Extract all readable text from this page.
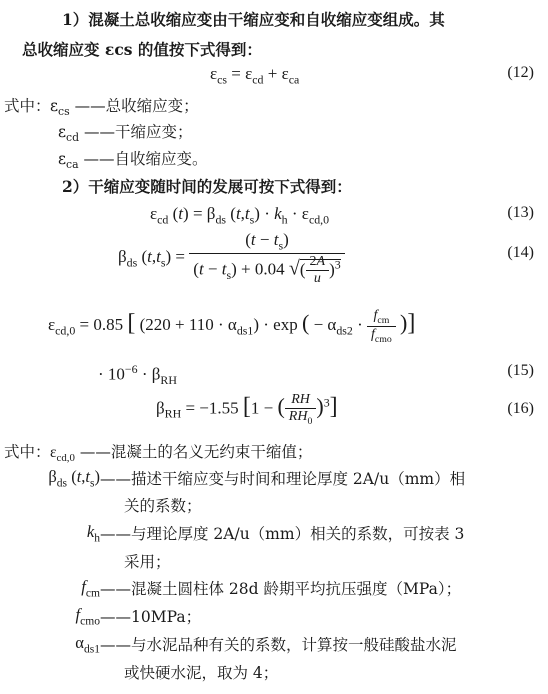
1）混凝土总收缩应变由干缩应变和自收缩应变组成。其
总收缩应变 εcs 的值按下式得到：
$\varepsilon_{cs} = \varepsilon_{cd} + \varepsilon_{ca}$	(12)
式中： $\varepsilon_{cs}$ ——总收缩应变；
$\varepsilon_{cd}$ ——干缩应变；
$\varepsilon_{ca}$ ——自收缩应变。
2）干缩应变随时间的发展可按下式得到：
$\varepsilon_{cd}$ $(t) = \beta_{ds}$ $(t,t_s) \cdot k_h \cdot \varepsilon_{cd,0}$	(13)
$\beta_{ds}$ $(t,t_s) = \frac{(t - t_s)}{(t - t_s) + 0.04 √( \frac{2A}{u} )^3}$	(14)
$\varepsilon_{cd,0} = 0.85$ [ $(220 + 110 \cdot \alpha_{ds1}) \cdot \exp$ ( − $\alpha_{ds2} \cdot \frac{f_{cm}}{f_{cmo}}$ )]
· $10^{-6} \cdot \beta_{RH}$
(15)
$\beta_{RH} = -1.55$ [1 − ( $\frac{RH}{RH_0} )^3$]	(16)
式中： $\varepsilon_{cd,0}$ ——混凝土的名义无约束干缩值；
$\beta_{ds}$ $(t,t_s)$ ——描述干缩应变与时间和理论厚度 2A/u（mm）相
关的系数；
$k_h$ ——与理论厚度 2A/u（mm）相关的系数，可按表 3
采用；
$f_{cm}$ ——混凝土圆柱体 28d 龄期平均抗压强度（MPa）；
$f_{cmo}$ ——10MPa；
$\alpha_{ds1}$ ——与水泥品种有关的系数，计算按一般硅酸盐水泥
或快硬水泥，取为 4；
